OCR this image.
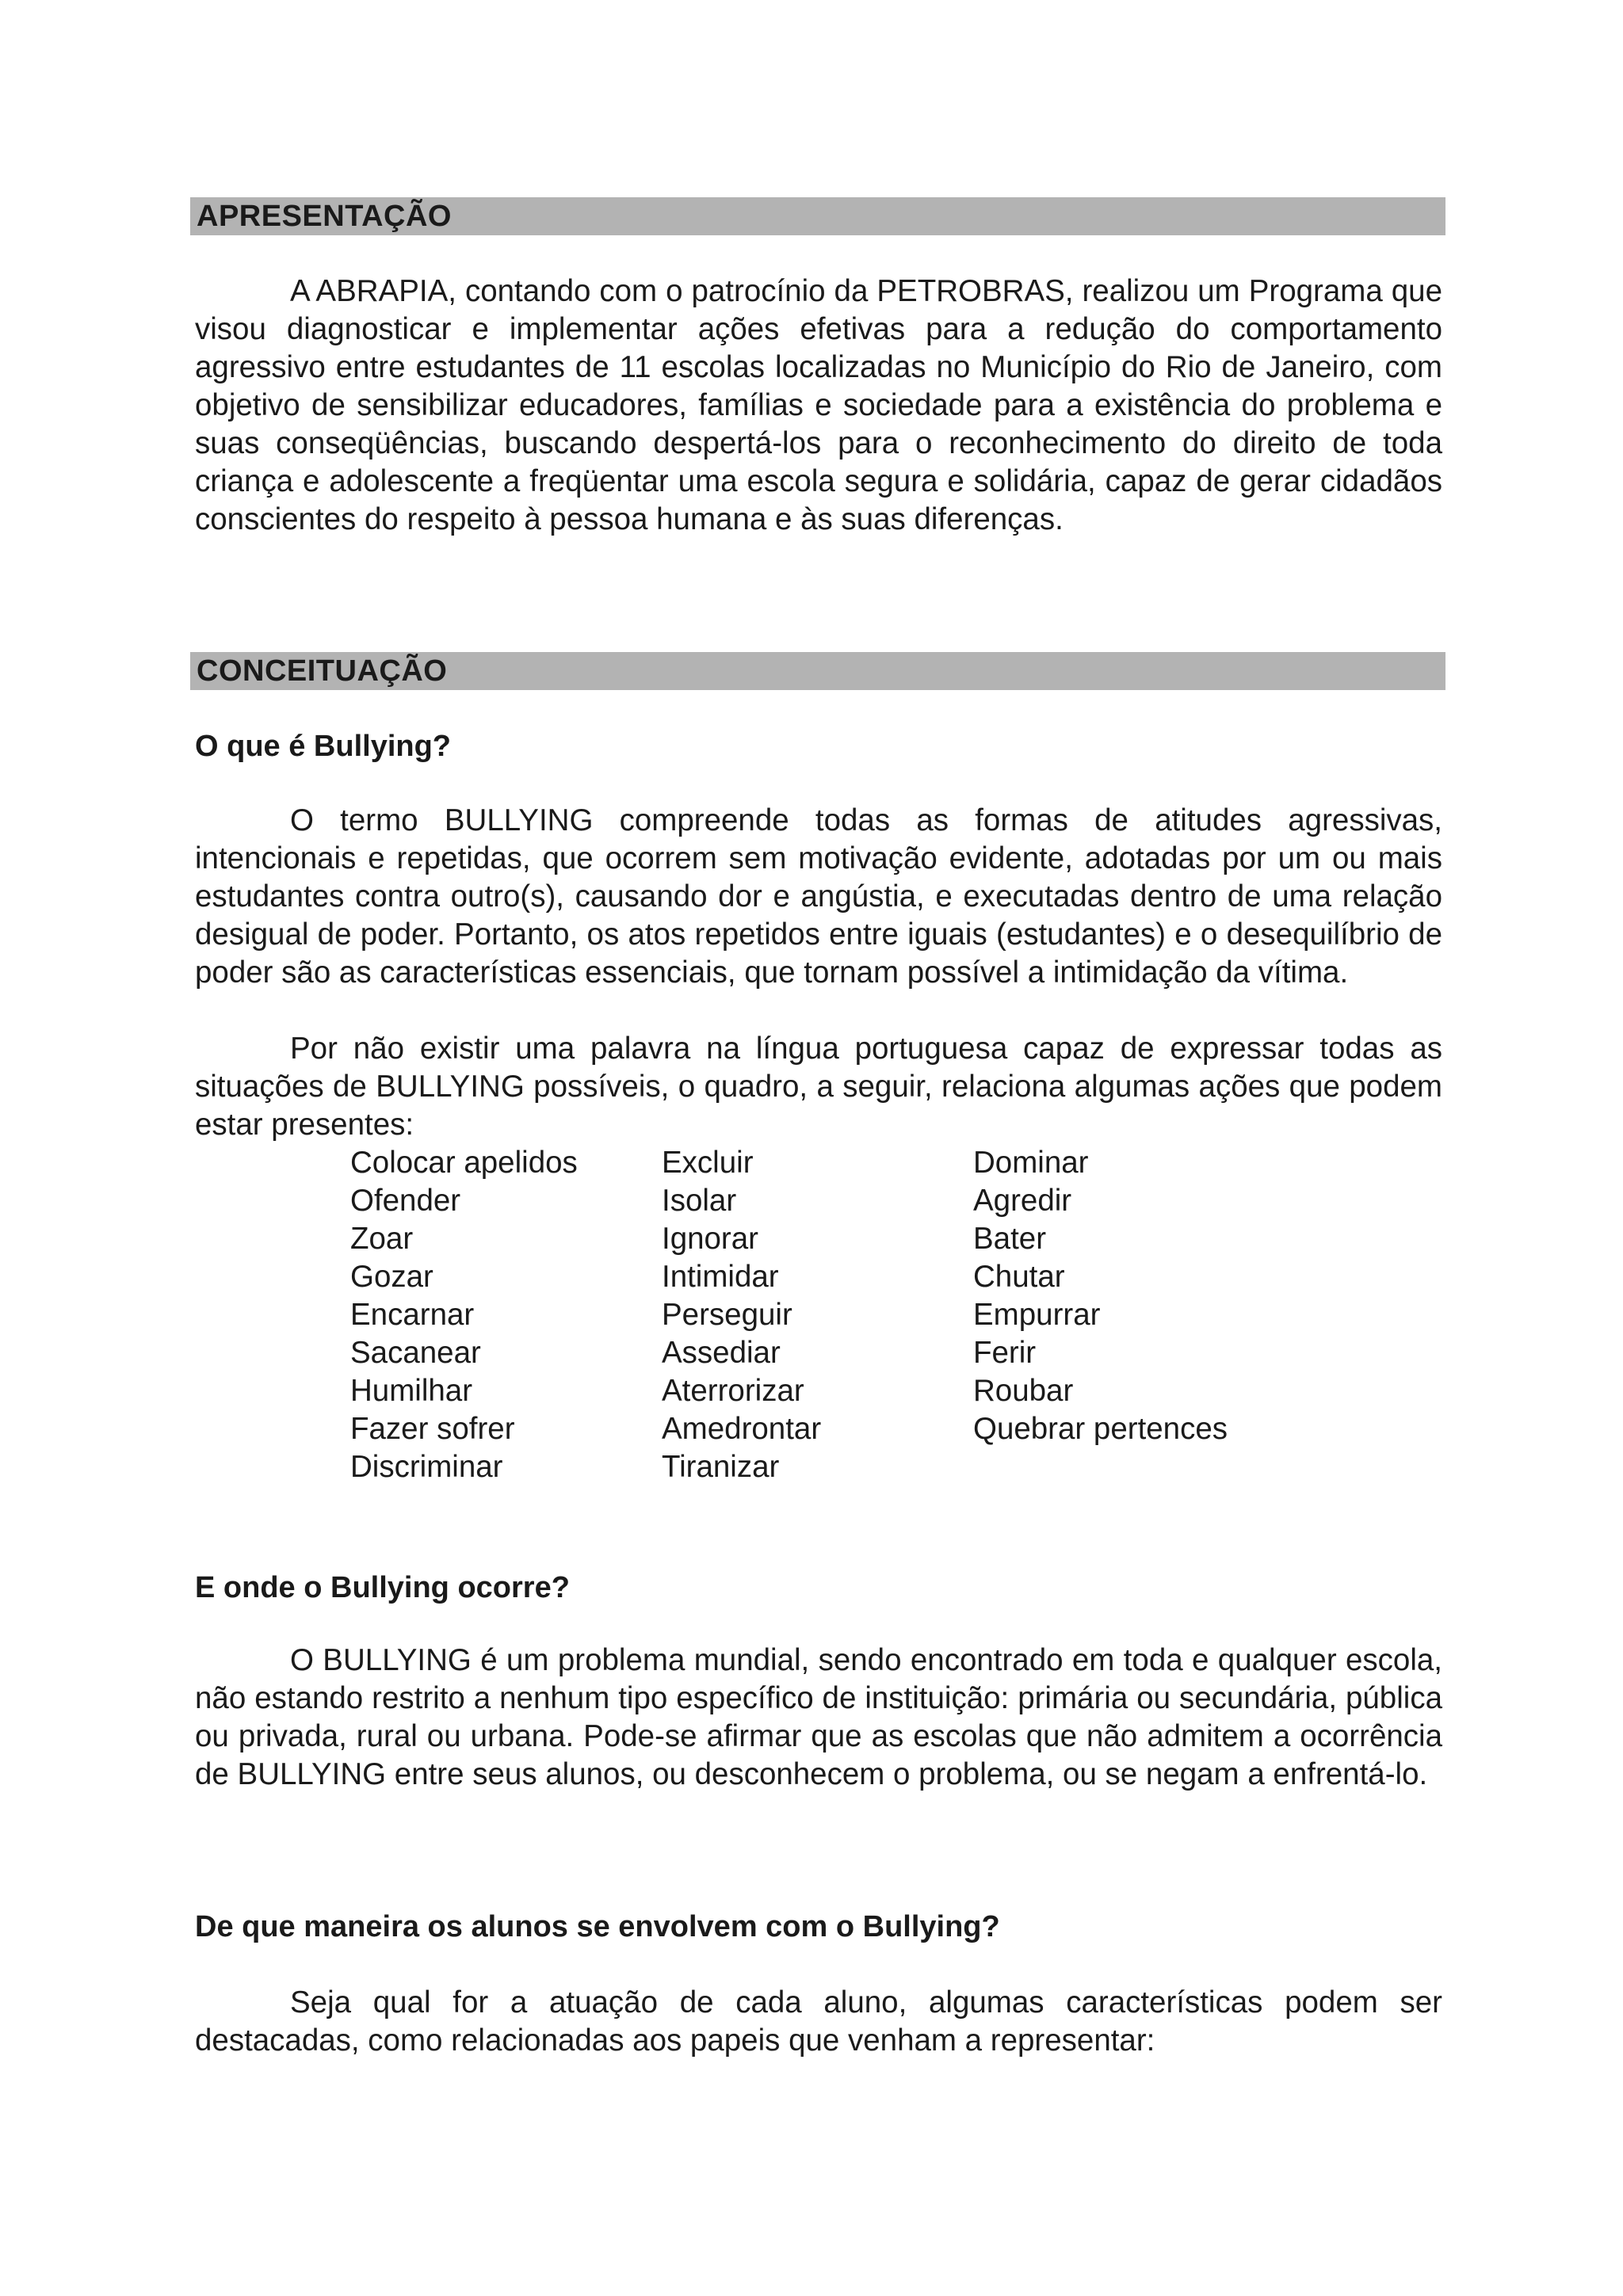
APRESENTAÇÃO

A ABRAPIA, contando com o patrocínio da PETROBRAS, realizou um Programa que visou diagnosticar e implementar ações efetivas para a redução do comportamento agressivo entre estudantes de 11 escolas localizadas no Município do Rio de Janeiro, com objetivo de sensibilizar educadores, famílias e sociedade para a existência do problema e suas conseqüências, buscando despertá-los para o reconhecimento do direito de toda criança e adolescente a freqüentar uma escola segura e solidária, capaz de gerar cidadãos conscientes do respeito à pessoa humana e às suas diferenças.

CONCEITUAÇÃO

O que é Bullying?

O termo BULLYING compreende todas as formas de atitudes agressivas, intencionais e repetidas, que ocorrem sem motivação evidente, adotadas por um ou mais estudantes contra outro(s), causando dor e angústia, e executadas dentro de uma relação desigual de poder. Portanto, os atos repetidos entre iguais (estudantes) e o desequilíbrio de poder são as características essenciais, que tornam possível a intimidação da vítima.

Por não existir uma palavra na língua portuguesa capaz de expressar todas as situações de BULLYING possíveis, o quadro, a seguir, relaciona algumas ações que podem estar presentes:

Colocar apelidos
Ofender
Zoar
Gozar
Encarnar
Sacanear
Humilhar
Fazer sofrer
Discriminar
Excluir
Isolar
Ignorar
Intimidar
Perseguir
Assediar
Aterrorizar
Amedrontar
Tiranizar
Dominar
Agredir
Bater
Chutar
Empurrar
Ferir
Roubar
Quebrar pertences

E onde o Bullying ocorre?

O BULLYING é um problema mundial, sendo encontrado em toda e qualquer escola, não estando restrito a nenhum tipo específico de instituição: primária ou secundária, pública ou privada, rural ou urbana. Pode-se afirmar que as escolas que não admitem a ocorrência de BULLYING entre seus alunos, ou desconhecem o problema, ou se negam a enfrentá-lo.

De que maneira os alunos se envolvem com o Bullying?

Seja qual for a atuação de cada aluno, algumas características podem ser destacadas, como relacionadas aos papeis que venham a representar:
